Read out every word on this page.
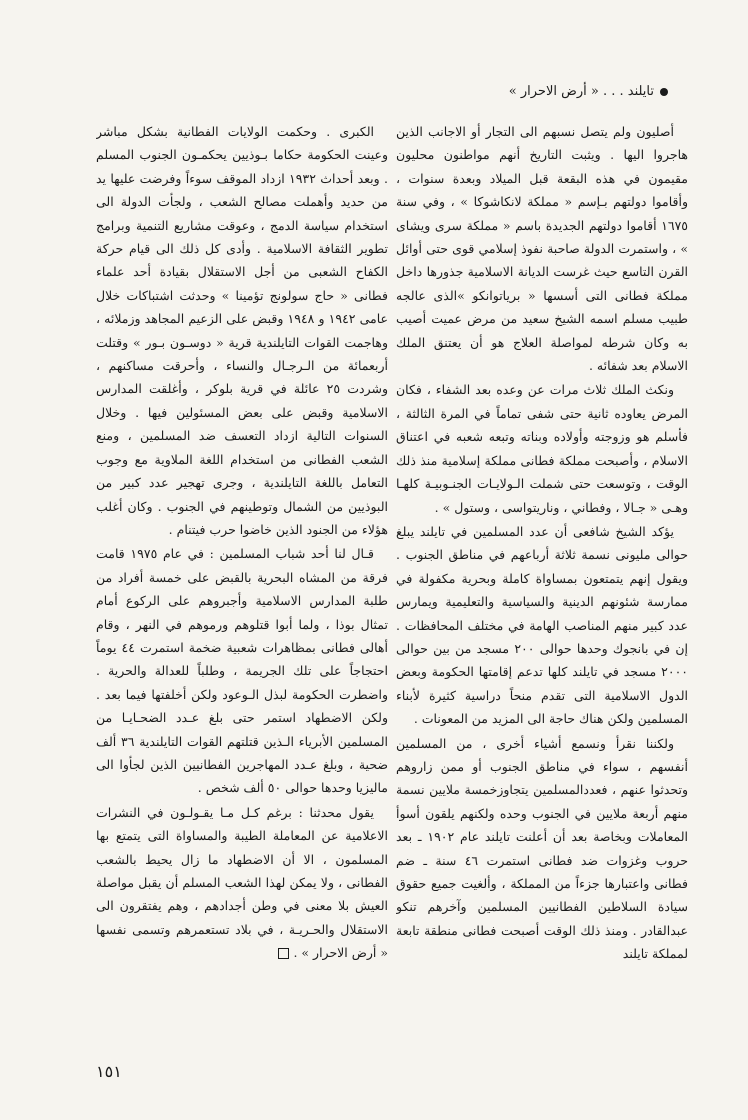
تايلند . . . « أرض الاحرار »

أصليون ولم يتصل نسبهم الى التجار أو الاجانب الذين هاجروا اليها . ويثبت التاريخ أنهم مواطنون محليون مقيمون في هذه البقعة قبل الميلاد وبعدة سنوات ، وأقاموا دولتهم بـإسم « مملكة لانكاشوكا » ، وفي سنة ١٦٧٥ أقاموا دولتهم الجديدة باسم « مملكة سرى ويشاى » ، واستمرت الدولة صاحبة نفوذ إسلامي قوى حتى أوائل القرن التاسع حيث غرست الديانة الاسلامية جذورها داخل مملكة فطانى التى أسسها « برياتوانكو »الذى عالجه طبيب مسلم اسمه الشيخ سعيد من مرض عميت أصيب به وكان شرطه لمواصلة العلاج هو أن يعتنق الملك الاسلام بعد شفائه .

ونكث الملك ثلاث مرات عن وعده بعد الشفاء ، فكان المرض يعاوده ثانية حتى شفى تماماً في المرة الثالثة ، فأسلم هو وزوجته وأولاده وبناته وتبعه شعبه في اعتناق الاسلام ، وأصبحت مملكة فطانى مملكة إسلامية منذ ذلك الوقت ، وتوسعت حتى شملت الـولايـات الجنـوبيـة كلهـا وهـى « جـالا ، وفطاني ، وناريتواسى ، وستول » .

يؤكد الشيخ شافعى أن عدد المسلمين في تايلند يبلغ حوالى مليونى نسمة ثلاثة أرباعهم في مناطق الجنوب . ويقول إنهم يتمتعون بمساواة كاملة وبحرية مكفولة في ممارسة شئونهم الدينية والسياسية والتعليمية ويمارس عدد كبير منهم المناصب الهامة في مختلف المحافظات . إن في بانجوك وحدها حوالى ٢٠٠ مسجد من بين حوالى ٢٠٠٠ مسجد في تايلند كلها تدعم إقامتها الحكومة وبعض الدول الاسلامية التى تقدم منحاً دراسية كثيرة لأبناء المسلمين ولكن هناك حاجة الى المزيد من المعونات .

ولكننا نقرأ ونسمع أشياء أخرى ، من المسلمين أنفسهم ، سواء في مناطق الجنوب أو ممن زاروهم وتحدثوا عنهم ، فعددالمسلمين يتجاوزخمسة ملايين نسمة منهم أربعة ملايين في الجنوب وحده ولكنهم يلقون أسوأ المعاملات وبخاصة بعد أن أعلنت تايلند عام ١٩٠٢ ـ بعد حروب وغزوات ضد فطانى استمرت ٤٦ سنة ـ ضم فطانى واعتبارها جزءاً من المملكة ، وألغيت جميع حقوق سيادة السلاطين الفطانيين المسلمين وآخرهم تنكو عبدالقادر . ومنذ ذلك الوقت أصبحت فطانى منطقة تابعة لمملكة تايلند

الكبرى . وحكمت الولايات الفطانية بشكل مباشر وعينت الحكومة حكاما بـوذيين يحكمـون الجنوب المسلم . وبعد أحداث ١٩٣٢ ازداد الموقف سوءاً وفرضت عليها يد من حديد وأهملت مصالح الشعب ، ولجأت الدولة الى استخدام سياسة الدمج ، وعوقت مشاريع التنمية وبرامج تطوير الثقافة الاسلامية . وأدى كل ذلك الى قيام حركة الكفاح الشعبى من أجل الاستقلال بقيادة أحد علماء فطانى « حاج سولونج تؤمينا » وحدثت اشتباكات خلال عامى ١٩٤٢ و ١٩٤٨ وقبض على الزعيم المجاهد وزملائه ، وهاجمت القوات التايلندية قرية « دوسـون بـور » وقتلت أربعمائة من الـرجـال والنساء ، وأحرقت مساكنهم ، وشردت ٢٥ عائلة في قرية بلوكر ، وأغلقت المدارس الاسلامية وقبض على بعض المسئولين فيها . وخلال السنوات التالية ازداد التعسف ضد المسلمين ، ومنع الشعب الفطانى من استخدام اللغة الملاوية مع وجوب التعامل باللغة التايلندية ، وجرى تهجير عدد كبير من البوذيين من الشمال وتوطينهم في الجنوب . وكان أغلب هؤلاء من الجنود الذين خاضوا حرب فيتنام .

قـال لنا أحد شباب المسلمين : في عام ١٩٧٥ قامت فرقة من المشاه البحرية بالقبض على خمسة أفراد من طلبة المدارس الاسلامية وأجبروهم على الركوع أمام تمثال بوذا ، ولما أبوا قتلوهم ورموهم في النهر ، وقام أهالى فطانى بمظاهرات شعبية ضخمة استمرت ٤٤ يوماً احتجاجاً على تلك الجريمة ، وطلباً للعدالة والحرية . واضطرت الحكومة لبذل الـوعود ولكن أخلفتها فيما بعد . ولكن الاضطهاد استمر حتى بلغ عـدد الضحـايـا من المسلمين الأبرياء الـذين قتلتهم القوات التايلندية ٣٦ ألف ضحية ، وبلغ عـدد المهاجرين الفطانيين الذين لجأوا الى ماليزيا وحدها حوالى ٥٠ ألف شخص .

يقول محدثنا : برغم كـل مـا يقـولـون في النشرات الاعلامية عن المعاملة الطيبة والمساواة التى يتمتع بها المسلمون ، الا أن الاضطهاد ما زال يحيط بالشعب الفطانى ، ولا يمكن لهذا الشعب المسلم أن يقبل مواصلة العيش بلا معنى في وطن أجدادهم ، وهم يفتقرون الى الاستقلال والحـريـة ، في بلاد تستعمرهم وتسمى نفسها « أرض الاحرار » .

١٥١
